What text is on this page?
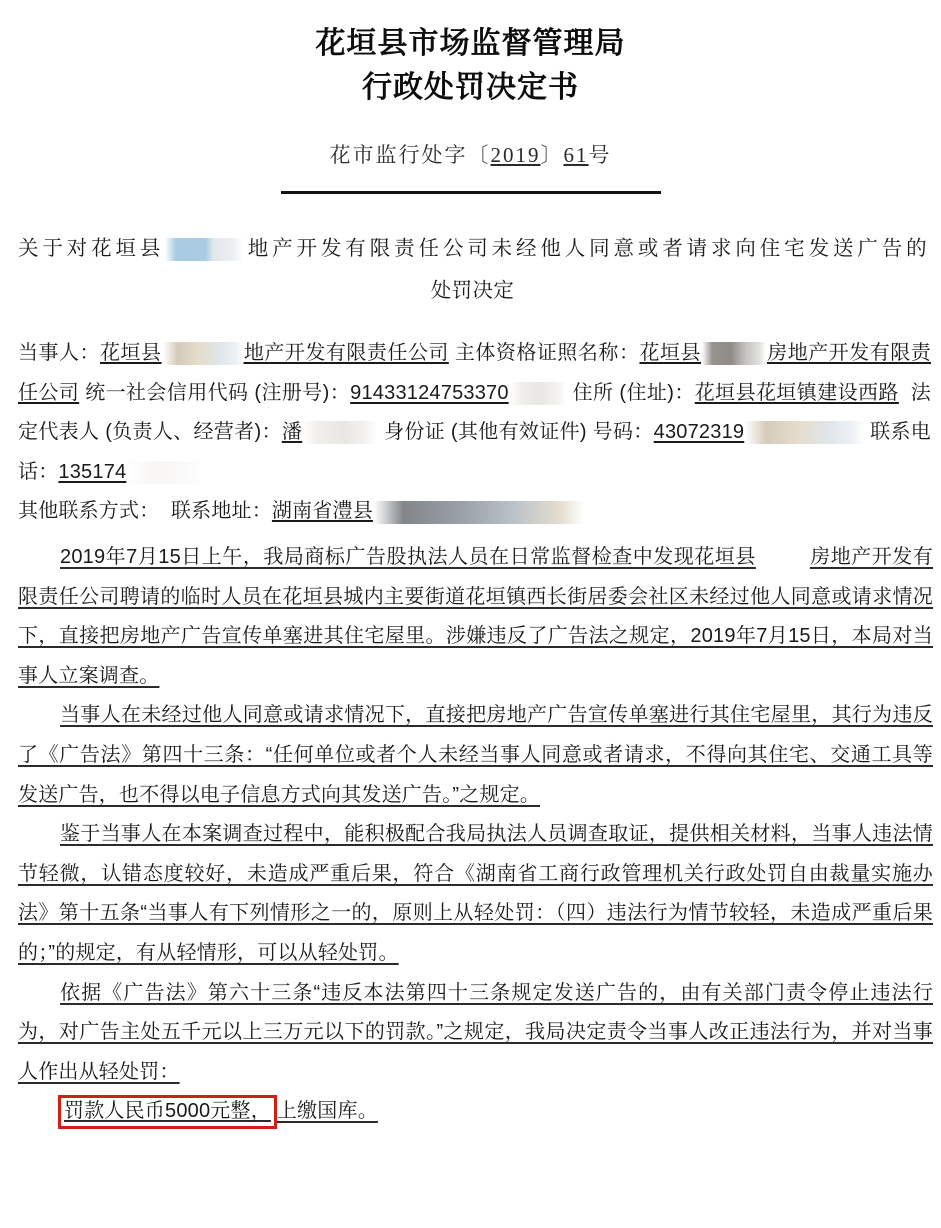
花垣县市场监督管理局
行政处罚决定书
花市监行处字〔2019〕61号
关于对花垣县	地产开发有限责任公司未经他人同意或者请求向住宅发送广告的
处罚决定
当事人：花垣县	地产开发有限责任公司 主体资格证照名称：花垣县	房地产开发有限责任公司 统一社会信用代码 (注册号)：91433124753370	住所 (住址)：花垣县花垣镇建设西路 法定代表人 (负责人、经营者)：潘	身份证 (其他有效证件) 号码：43072319	联系电话：135174
其他联系方式： 联系地址：湖南省澧县

2019年7月15日上午，我局商标广告股执法人员在日常监督检查中发现花垣县	房地产开发有限责任公司聘请的临时人员在花垣县城内主要街道花垣镇西长街居委会社区未经过他人同意或请求情况下，直接把房地产广告宣传单塞进其住宅屋里。涉嫌违反了广告法之规定，2019年7月15日，本局对当事人立案调查。

当事人在未经过他人同意或请求情况下，直接把房地产广告宣传单塞进行其住宅屋里，其行为违反了《广告法》第四十三条：“任何单位或者个人未经当事人同意或者请求，不得向其住宅、交通工具等发送广告，也不得以电子信息方式向其发送广告。”之规定。

鉴于当事人在本案调查过程中，能积极配合我局执法人员调查取证，提供相关材料，当事人违法情节轻微，认错态度较好，未造成严重后果，符合《湖南省工商行政管理机关行政处罚自由裁量实施办法》第十五条“当事人有下列情形之一的，原则上从轻处罚：（四）违法行为情节较轻，未造成严重后果的；”的规定，有从轻情形，可以从轻处罚。

依据《广告法》第六十三条“违反本法第四十三条规定发送广告的，由有关部门责令停止违法行为，对广告主处五千元以上三万元以下的罚款。”之规定，我局决定责令当事人改正违法行为，并对当事人作出从轻处罚：

罚款人民币5000元整， 上缴国库。
